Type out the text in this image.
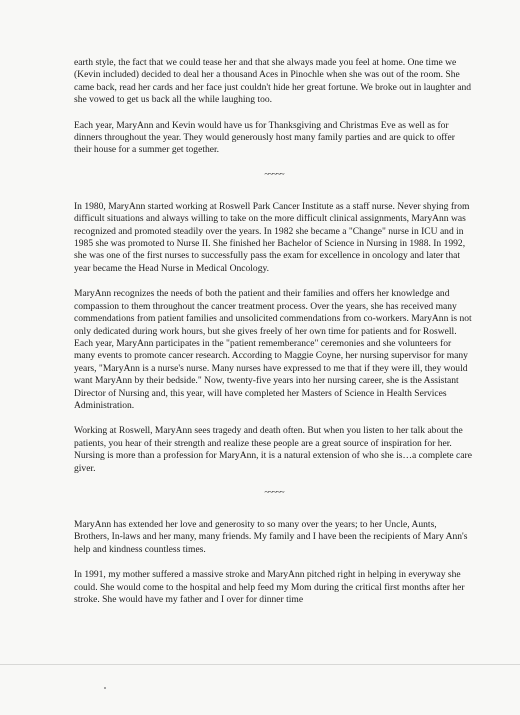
earth style, the fact that we could tease her and that she always made you feel at home. One time we (Kevin included) decided to deal her a thousand Aces in Pinochle when she was out of the room. She came back, read her cards and her face just couldn't hide her great fortune. We broke out in laughter and she vowed to get us back all the while laughing too.

Each year, MaryAnn and Kevin would have us for Thanksgiving and Christmas Eve as well as for dinners throughout the year. They would generously host many family parties and are quick to offer their house for a summer get together.

~~~~~

In 1980, MaryAnn started working at Roswell Park Cancer Institute as a staff nurse. Never shying from difficult situations and always willing to take on the more difficult clinical assignments, MaryAnn was recognized and promoted steadily over the years. In 1982 she became a "Change" nurse in ICU and in 1985 she was promoted to Nurse II. She finished her Bachelor of Science in Nursing in 1988. In 1992, she was one of the first nurses to successfully pass the exam for excellence in oncology and later that year became the Head Nurse in Medical Oncology.

MaryAnn recognizes the needs of both the patient and their families and offers her knowledge and compassion to them throughout the cancer treatment process. Over the years, she has received many commendations from patient families and unsolicited commendations from co-workers. MaryAnn is not only dedicated during work hours, but she gives freely of her own time for patients and for Roswell. Each year, MaryAnn participates in the "patient rememberance" ceremonies and she volunteers for many events to promote cancer research. According to Maggie Coyne, her nursing supervisor for many years, "MaryAnn is a nurse's nurse. Many nurses have expressed to me that if they were ill, they would want MaryAnn by their bedside." Now, twenty-five years into her nursing career, she is the Assistant Director of Nursing and, this year, will have completed her Masters of Science in Health Services Administration.

Working at Roswell, MaryAnn sees tragedy and death often. But when you listen to her talk about the patients, you hear of their strength and realize these people are a great source of inspiration for her. Nursing is more than a profession for MaryAnn, it is a natural extension of who she is…a complete care giver.

~~~~~

MaryAnn has extended her love and generosity to so many over the years; to her Uncle, Aunts, Brothers, In-laws and her many, many friends. My family and I have been the recipients of Mary Ann's help and kindness countless times.

In 1991, my mother suffered a massive stroke and MaryAnn pitched right in helping in everyway she could. She would come to the hospital and help feed my Mom during the critical first months after her stroke. She would have my father and I over for dinner time
